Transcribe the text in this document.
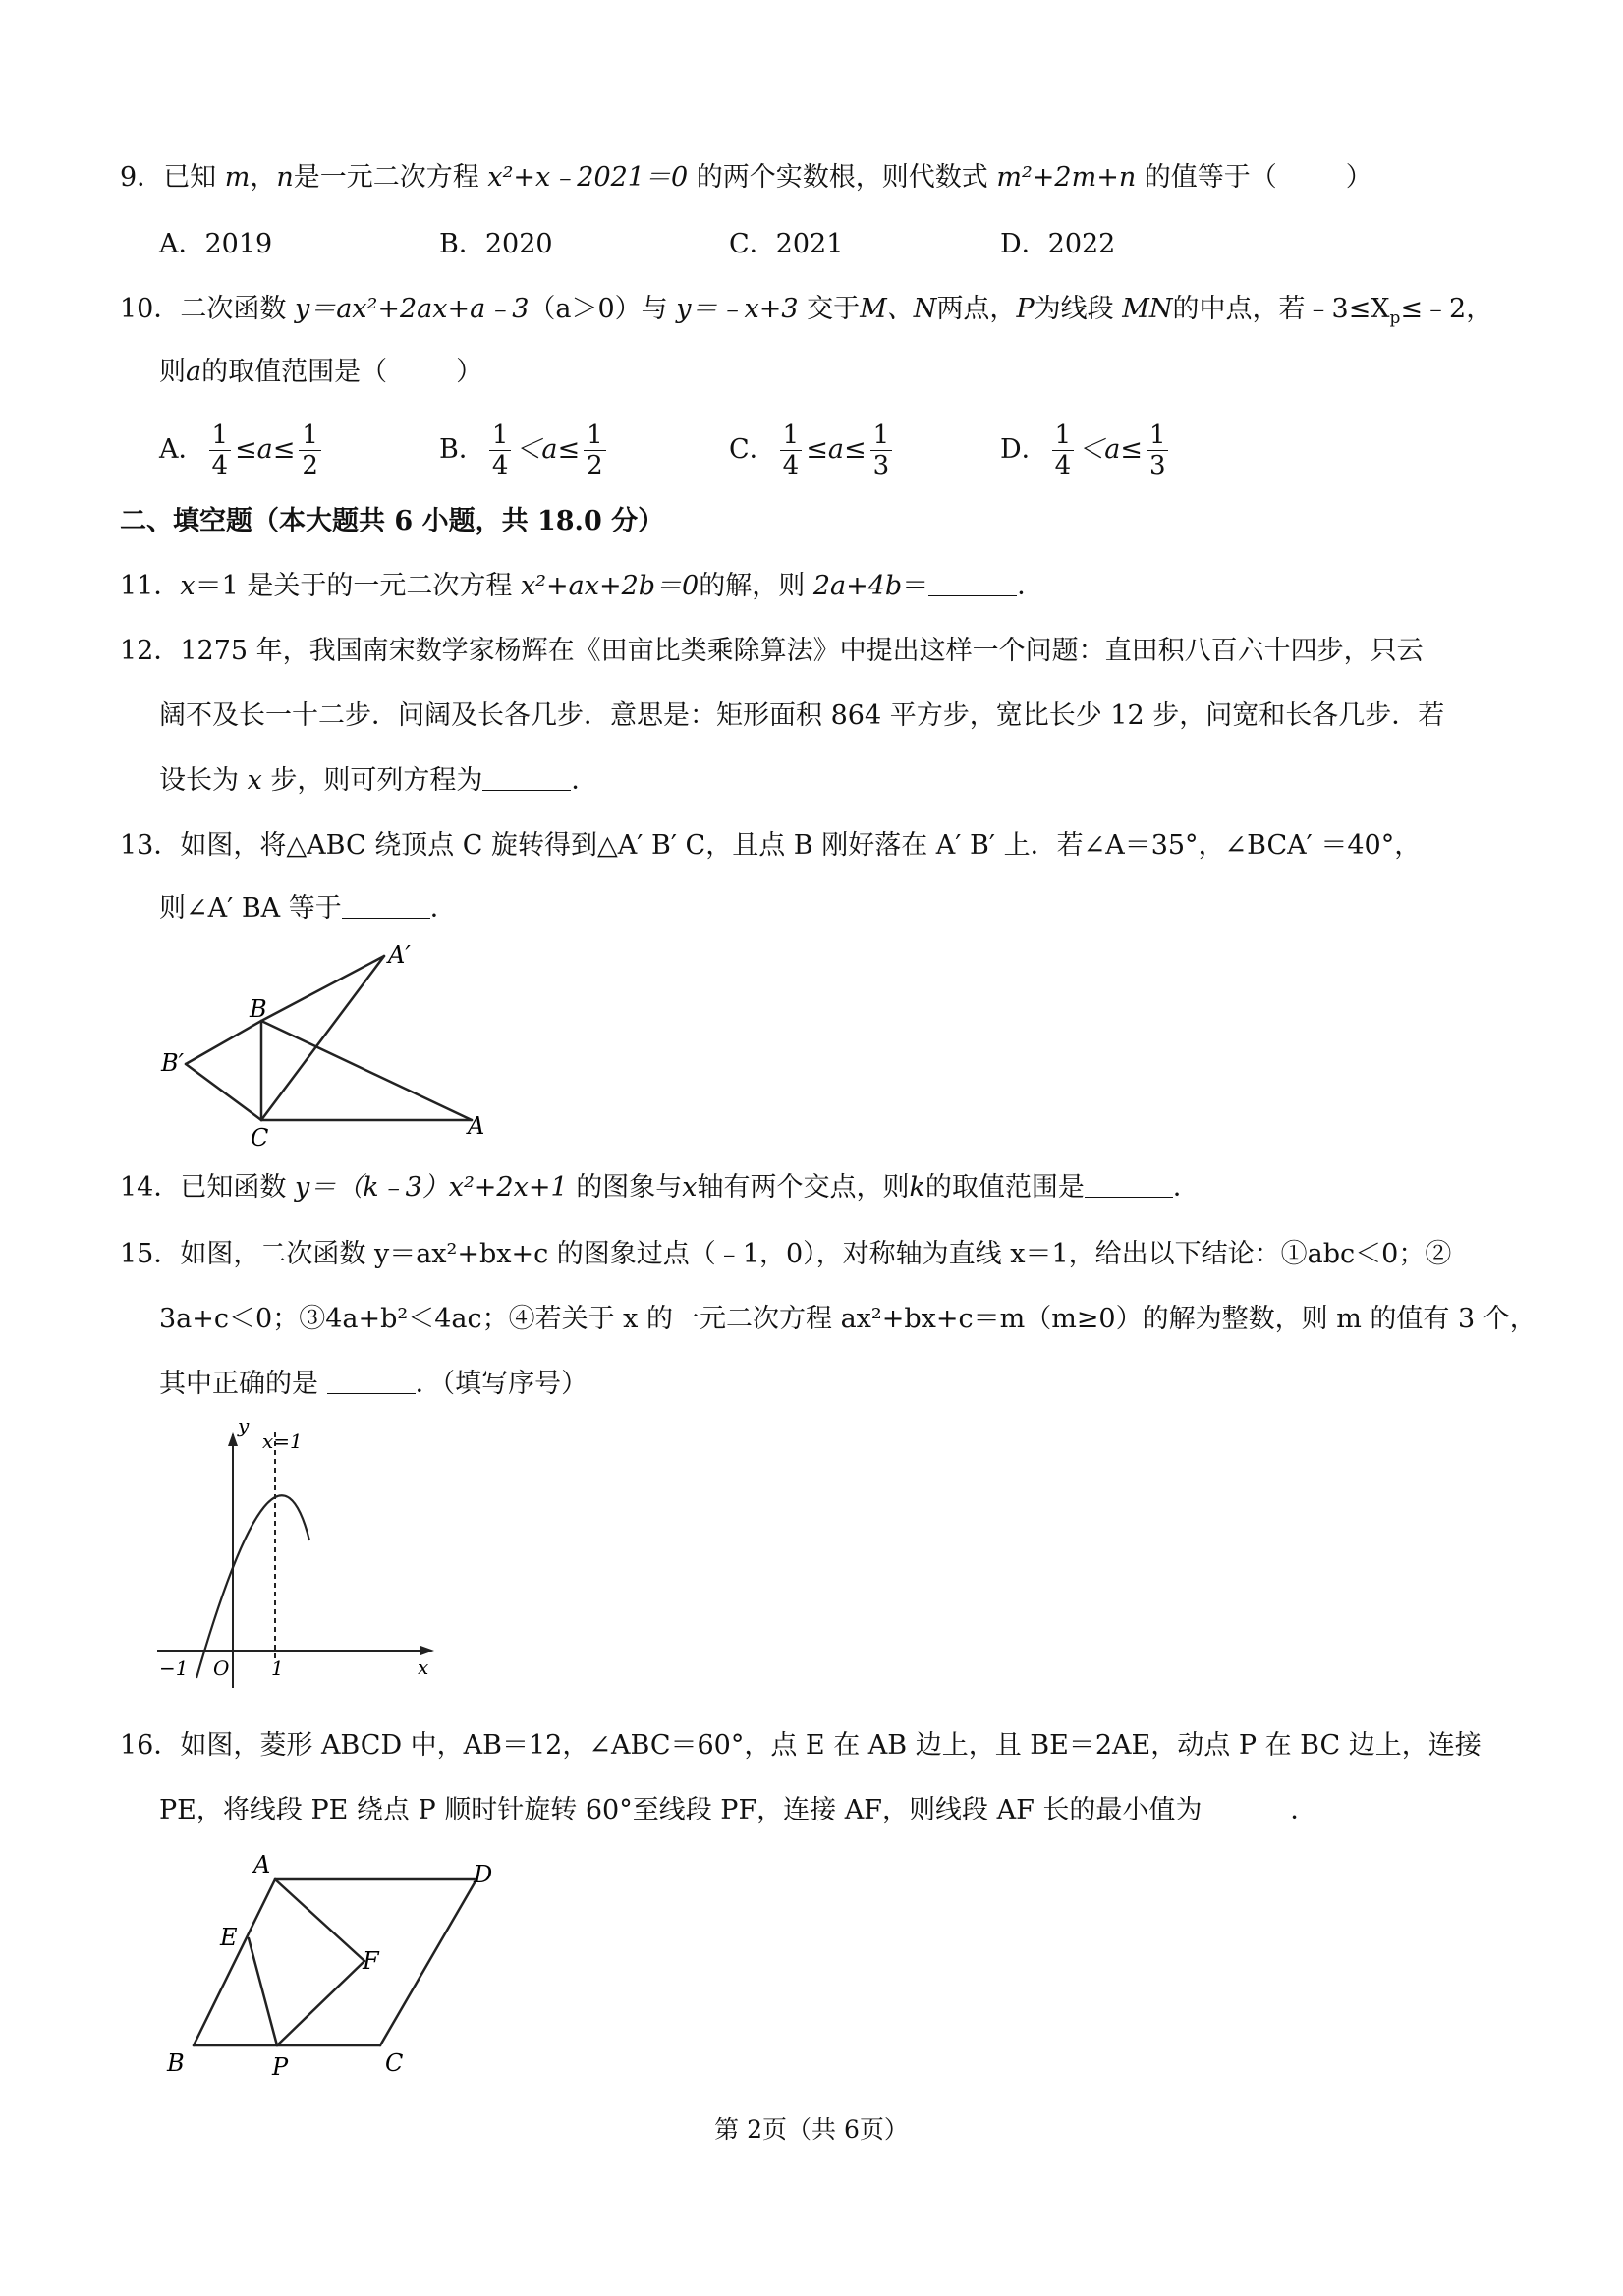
9．已知 m，n是一元二次方程 x²+x﹣2021＝0 的两个实数根，则代数式 m²+2m+n 的值等于（	）
A．2019	B．2020	C．2021	D．2022
10．二次函数 y＝ax²+2ax+a﹣3（a＞0）与 y＝﹣x+3 交于M、N两点，P为线段 MN的中点，若$﹣3\le X_p\le﹣2$，
则a的取值范围是（	）
A． $\frac{1}{4} \le a\le \frac{1}{2}$	B． $\frac{1}{4} <a\le \frac{1}{2}$	C． $\frac{1}{4} \le a\le \frac{1}{3}$	D． $\frac{1}{4} <a\le \frac{1}{3}$
二、填空题（本大题共 6 小题，共 18.0 分）
11．x＝1 是关于的一元二次方程 x²+ax+2b＝0的解，则 2a+4b＝	．
12．1275 年，我国南宋数学家杨辉在《田亩比类乘除算法》中提出这样一个问题：直田积八百六十四步，只云
阔不及长一十二步．问阔及长各几步．意思是：矩形面积 864 平方步，宽比长少 12 步，问宽和长各几步．若
设长为 x 步，则可列方程为	．
13．如图，将△ABC 绕顶点 C 旋转得到△A′ B′ C，且点 B 刚好落在 A′ B′ 上．若∠A＝35°，∠BCA′ ＝40°，
则∠A′ BA 等于	．
B
A′
B′
C	A
14．已知函数 y＝（k﹣3）x²+2x+1 的图象与x轴有两个交点，则k的取值范围是	．
15．如图，二次函数 y＝ax²+bx+c 的图象过点（﹣1，0），对称轴为直线 x＝1，给出以下结论：①abc＜0；②
3a+c＜0；③4a+b²＜4ac；④若关于 x 的一元二次方程 ax²+bx+c＝m（m≥0）的解为整数，则 m 的值有 3 个，
其中正确的是	．（填写序号）
y
x=1
x
−1 O 1
16．如图，菱形 ABCD 中，AB＝12，∠ABC＝60°，点 E 在 AB 边上，且 BE＝2AE，动点 P 在 BC 边上，连接
PE，将线段 PE 绕点 P 顺时针旋转 60°至线段 PF，连接 AF，则线段 AF 长的最小值为	．
A	D
E
F
B	P	C
第 2页（共 6页）
